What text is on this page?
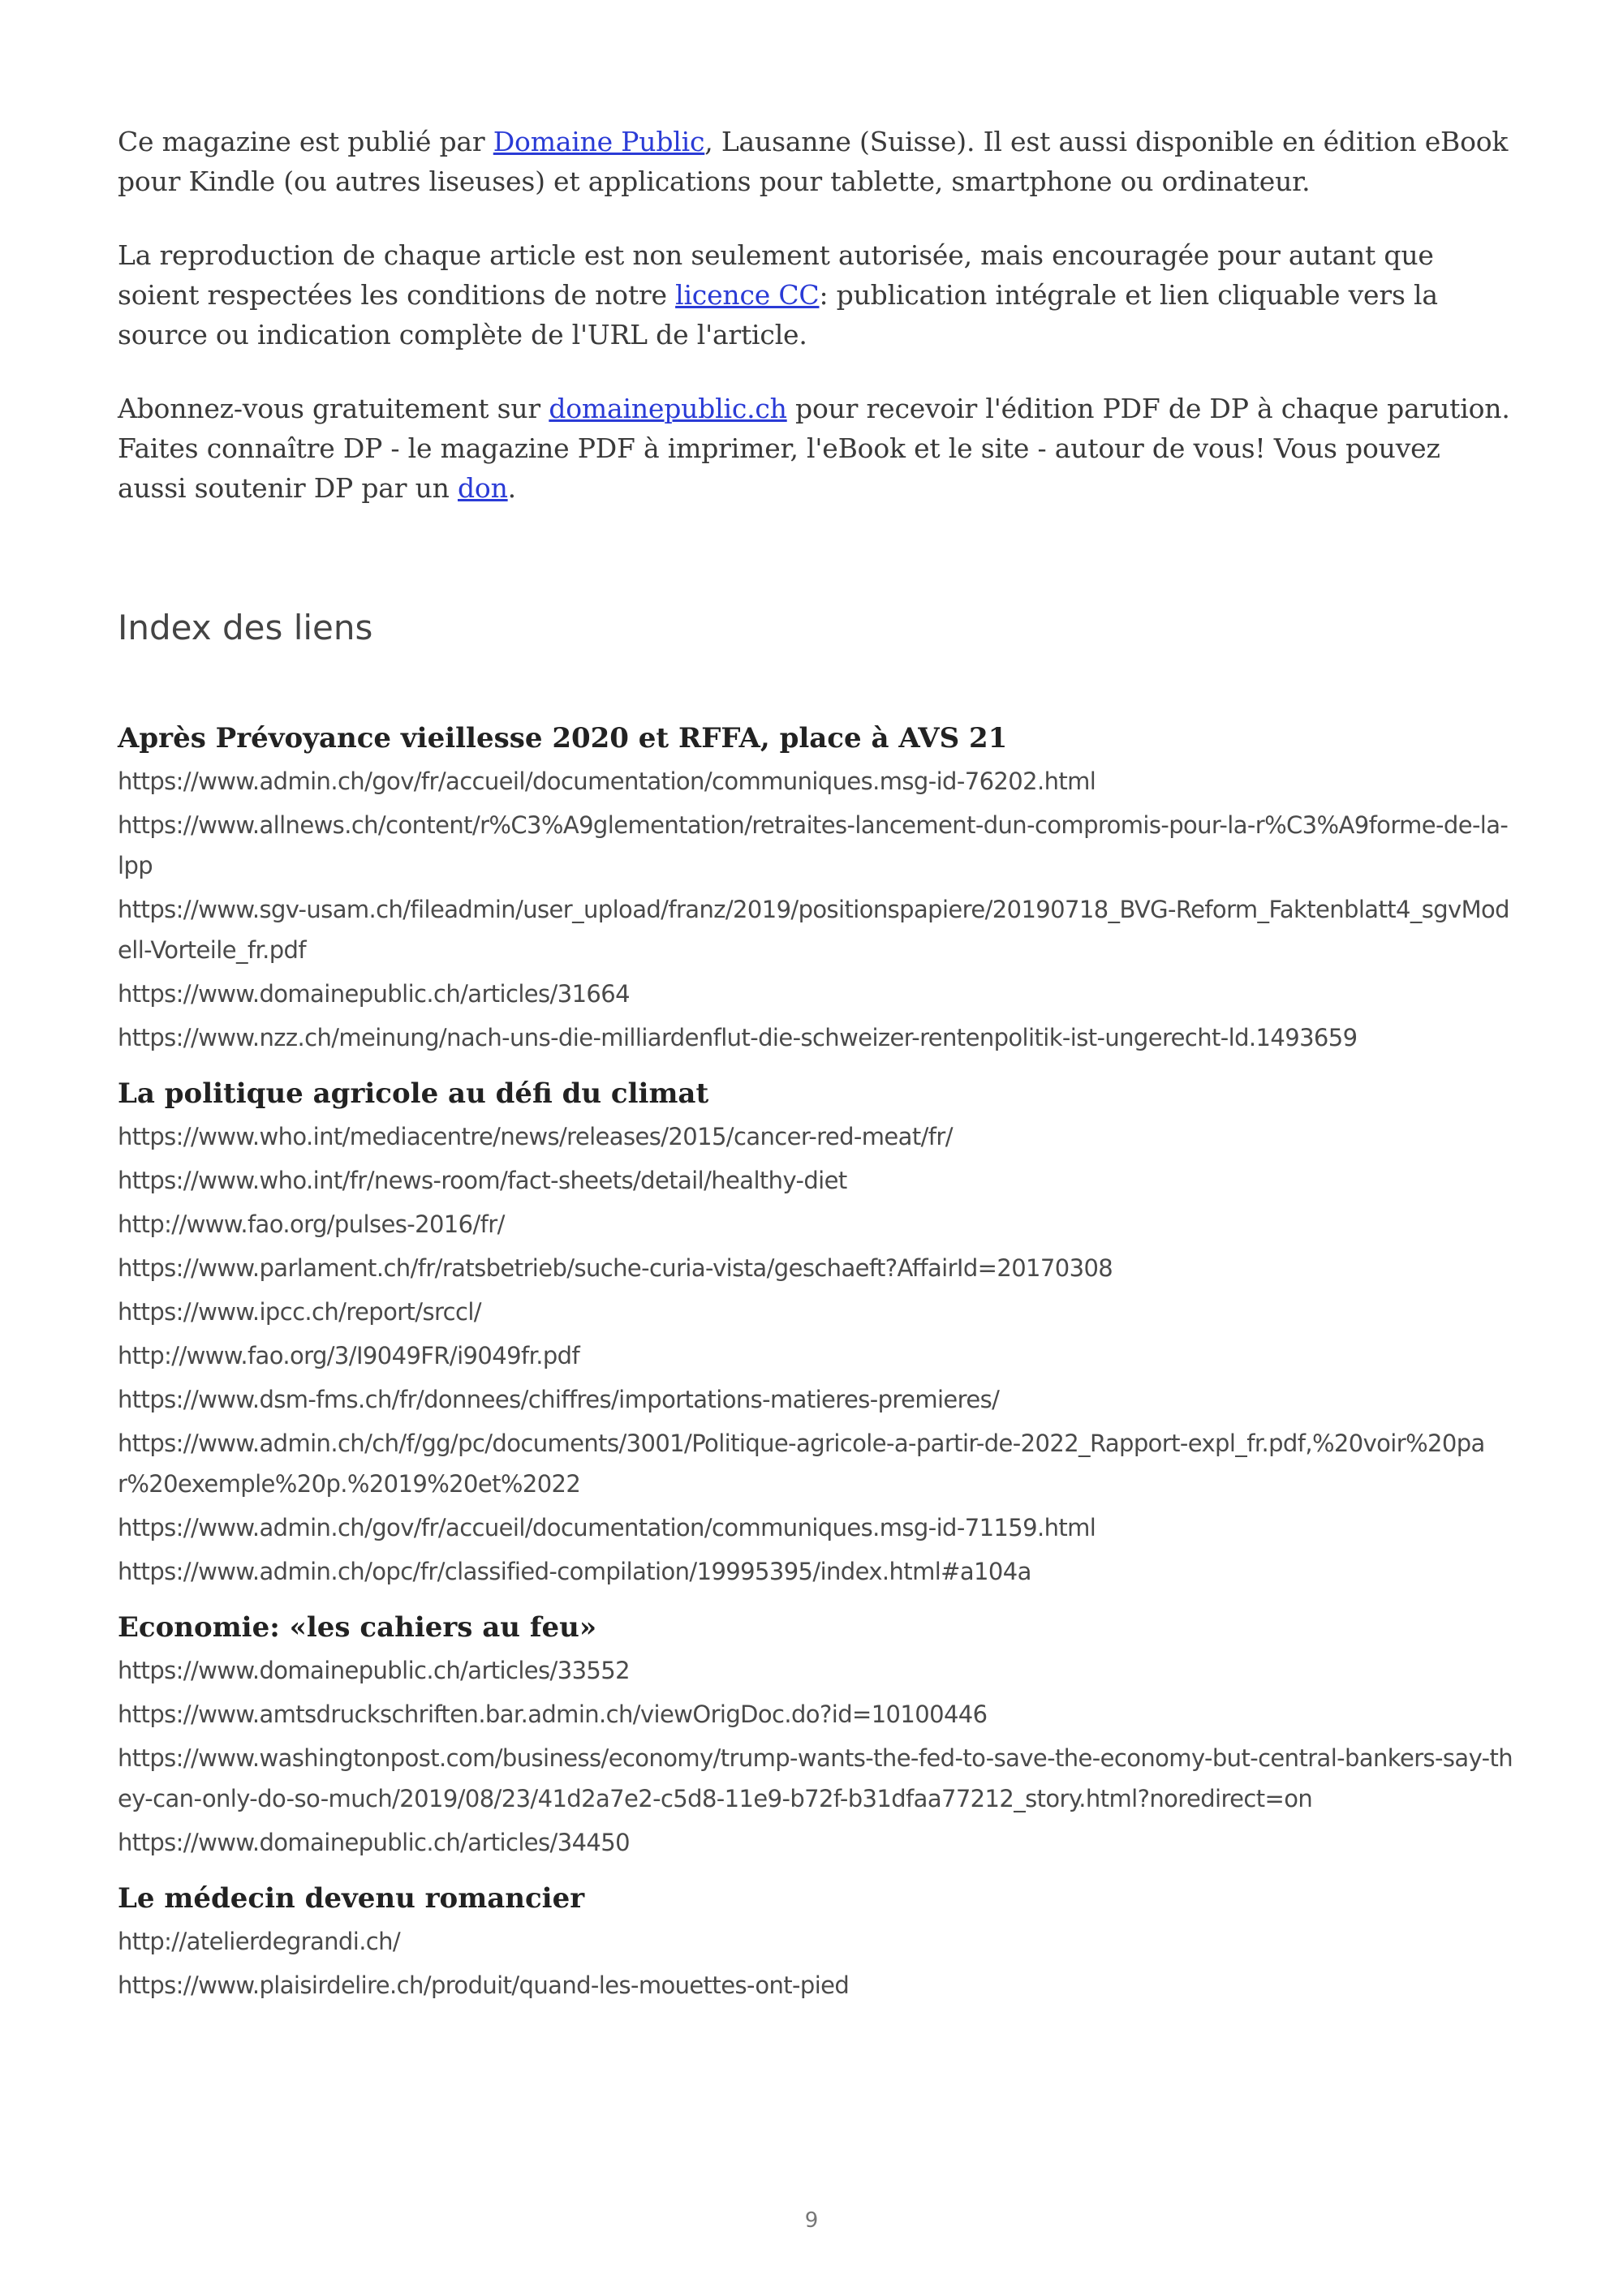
Ce magazine est publié par Domaine Public, Lausanne (Suisse). Il est aussi disponible en édition eBook pour Kindle (ou autres liseuses) et applications pour tablette, smartphone ou ordinateur.

La reproduction de chaque article est non seulement autorisée, mais encouragée pour autant que soient respectées les conditions de notre licence CC: publication intégrale et lien cliquable vers la source ou indication complète de l'URL de l'article.

Abonnez-vous gratuitement sur domainepublic.ch pour recevoir l'édition PDF de DP à chaque parution. Faites connaître DP - le magazine PDF à imprimer, l'eBook et le site - autour de vous! Vous pouvez aussi soutenir DP par un don.

Index des liens
Après Prévoyance vieillesse 2020 et RFFA, place à AVS 21
https://www.admin.ch/gov/fr/accueil/documentation/communiques.msg-id-76202.html
https://www.allnews.ch/content/r%C3%A9glementation/retraites-lancement-dun-compromis-pour-la-r%C3%A9forme-de-la-lpp
https://www.sgv-usam.ch/fileadmin/user_upload/franz/2019/positionspapiere/20190718_BVG-Reform_Faktenblatt4_sgvModell-Vorteile_fr.pdf
https://www.domainepublic.ch/articles/31664
https://www.nzz.ch/meinung/nach-uns-die-milliardenflut-die-schweizer-rentenpolitik-ist-ungerecht-ld.1493659
La politique agricole au défi du climat
https://www.who.int/mediacentre/news/releases/2015/cancer-red-meat/fr/
https://www.who.int/fr/news-room/fact-sheets/detail/healthy-diet
http://www.fao.org/pulses-2016/fr/
https://www.parlament.ch/fr/ratsbetrieb/suche-curia-vista/geschaeft?AffairId=20170308
https://www.ipcc.ch/report/srccl/
http://www.fao.org/3/I9049FR/i9049fr.pdf
https://www.dsm-fms.ch/fr/donnees/chiffres/importations-matieres-premieres/
https://www.admin.ch/ch/f/gg/pc/documents/3001/Politique-agricole-a-partir-de-2022_Rapport-expl_fr.pdf,%20voir%20par%20exemple%20p.%2019%20et%2022
https://www.admin.ch/gov/fr/accueil/documentation/communiques.msg-id-71159.html
https://www.admin.ch/opc/fr/classified-compilation/19995395/index.html#a104a
Economie: «les cahiers au feu»
https://www.domainepublic.ch/articles/33552
https://www.amtsdruckschriften.bar.admin.ch/viewOrigDoc.do?id=10100446
https://www.washingtonpost.com/business/economy/trump-wants-the-fed-to-save-the-economy-but-central-bankers-say-they-can-only-do-so-much/2019/08/23/41d2a7e2-c5d8-11e9-b72f-b31dfaa77212_story.html?noredirect=on
https://www.domainepublic.ch/articles/34450
Le médecin devenu romancier
http://atelierdegrandi.ch/
https://www.plaisirdelire.ch/produit/quand-les-mouettes-ont-pied
9
